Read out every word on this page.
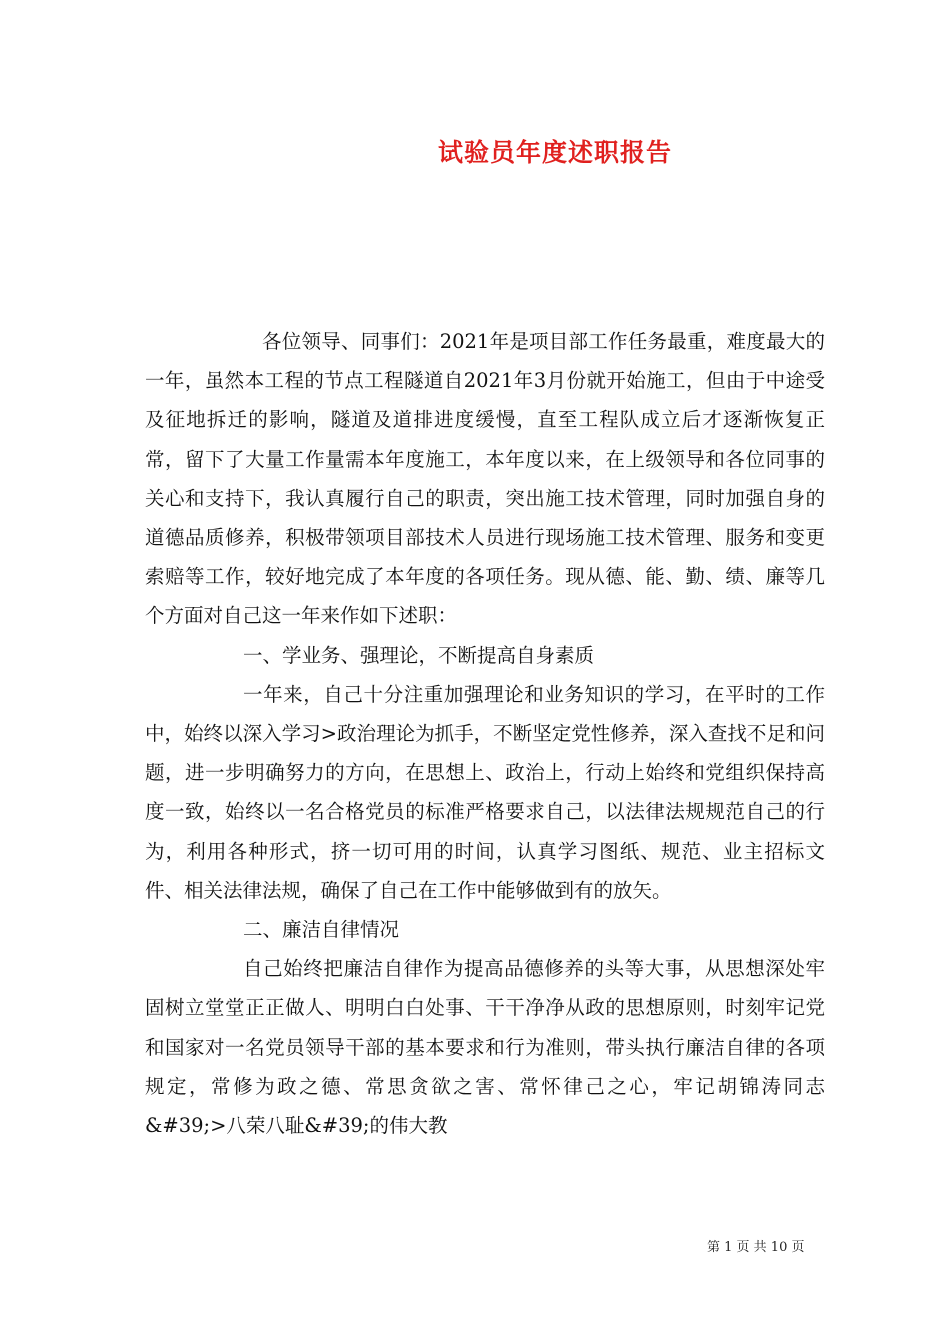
试验员年度述职报告

各位领导、同事们：2021年是项目部工作任务最重，难度最大的一年，虽然本工程的节点工程隧道自2021年3月份就开始施工，但由于中途受及征地拆迁的影响，隧道及道排进度缓慢，直至工程队成立后才逐渐恢复正常，留下了大量工作量需本年度施工，本年度以来，在上级领导和各位同事的关心和支持下，我认真履行自己的职责，突出施工技术管理，同时加强自身的道德品质修养，积极带领项目部技术人员进行现场施工技术管理、服务和变更索赔等工作，较好地完成了本年度的各项任务。现从德、能、勤、绩、廉等几个方面对自己这一年来作如下述职：

一、学业务、强理论，不断提高自身素质

一年来，自己十分注重加强理论和业务知识的学习，在平时的工作中，始终以深入学习>政治理论为抓手，不断坚定党性修养，深入查找不足和问题，进一步明确努力的方向，在思想上、政治上，行动上始终和党组织保持高度一致，始终以一名合格党员的标准严格要求自己，以法律法规规范自己的行为，利用各种形式，挤一切可用的时间，认真学习图纸、规范、业主招标文件、相关法律法规，确保了自己在工作中能够做到有的放矢。

二、廉洁自律情况

自己始终把廉洁自律作为提高品德修养的头等大事，从思想深处牢固树立堂堂正正做人、明明白白处事、干干净净从政的思想原则，时刻牢记党和国家对一名党员领导干部的基本要求和行为准则，带头执行廉洁自律的各项规定，常修为政之德、常思贪欲之害、常怀律己之心，牢记胡锦涛同志&#39;>八荣八耻&#39;的伟大教

第 1 页 共 10 页
